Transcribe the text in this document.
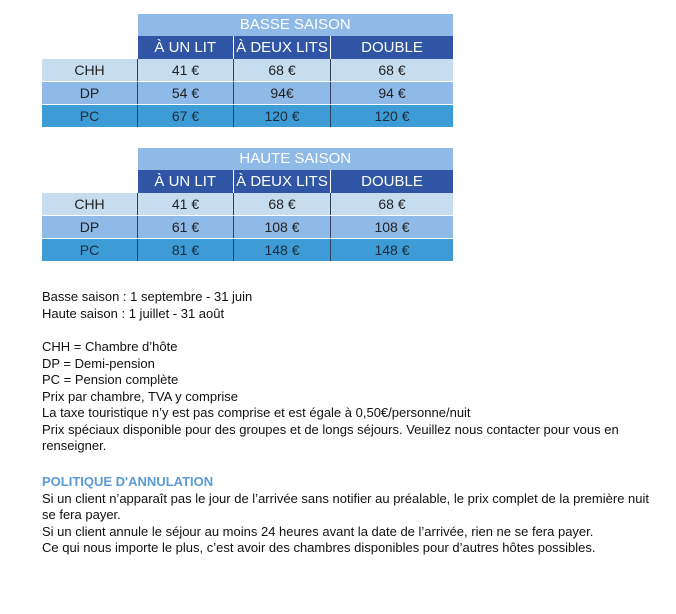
	BASSE SAISON		
	À UN LIT	À DEUX LITS	DOUBLE
CHH	41 €	68 €	68 €
DP	54 €	94€	94 €
PC	67 €	120 €	120 €
	HAUTE SAISON		
	À UN LIT	À DEUX LITS	DOUBLE
CHH	41 €	68 €	68 €
DP	61 €	108 €	108 €
PC	81 €	148 €	148 €

Basse saison : 1 septembre - 31 juin

Haute saison : 1 juillet - 31 août

CHH = Chambre d’hôte

DP = Demi-pension

PC = Pension complète

Prix par chambre, TVA y comprise

La taxe touristique n’y est pas comprise et est égale à 0,50€/personne/nuit

Prix spéciaux disponible pour des groupes et de longs séjours. Veuillez nous contacter pour vous en renseigner.

POLITIQUE D'ANNULATION

Si un client n’apparaît pas le jour de l’arrivée sans notifier au préalable, le prix complet de la première nuit se fera payer.

Si un client annule le séjour au moins 24 heures avant la date de l’arrivée, rien ne se fera payer.

Ce qui nous importe le plus, c’est avoir des chambres disponibles pour d’autres hôtes possibles.
